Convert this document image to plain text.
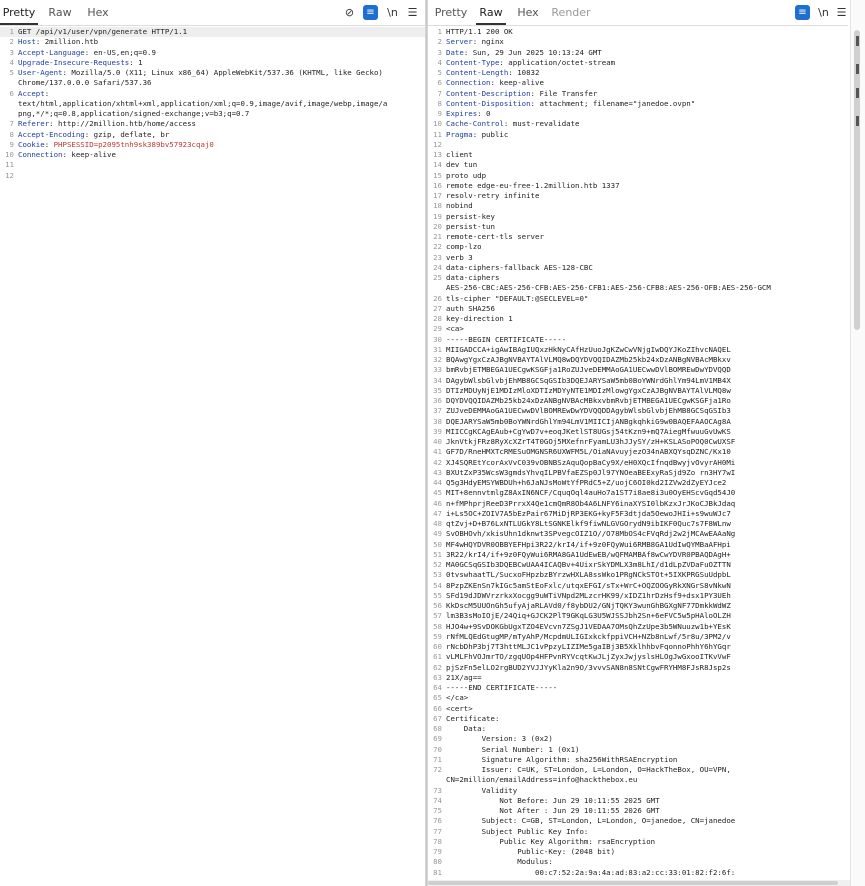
Pretty	Raw	Hex	⊘	≡	\n ☰
1 GET /api/v1/user/vpn/generate HTTP/1.1
2 Host: 2million.htb
3 Accept-Language: en-US,en;q=0.9
4 Upgrade-Insecure-Requests: 1
5 User-Agent: Mozilla/5.0 (X11; Linux x86_64) AppleWebKit/537.36 (KHTML, like Gecko)
Chrome/137.0.0.0 Safari/537.36
6 Accept:
text/html,application/xhtml+xml,application/xml;q=0.9,image/avif,image/webp,image/a
png,*/*;q=0.8,application/signed-exchange;v=b3;q=0.7
7 Referer: http://2million.htb/home/access
8 Accept-Encoding: gzip, deflate, br
9 Cookie: PHPSESSID=p2095tnh9sk389bv57923cqaj0
10 Connection: keep-alive
11
12
Pretty	Raw	Hex	Render	≡	\n ☰
1 HTTP/1.1 200 OK
2 Server: nginx
3 Date: Sun, 29 Jun 2025 10:13:24 GMT
4 Content-Type: application/octet-stream
5 Content-Length: 10832
6 Connection: keep-alive
7 Content-Description: File Transfer
8 Content-Disposition: attachment; filename="janedoe.ovpn"
9 Expires: 0
10 Cache-Control: must-revalidate
11 Pragma: public
12
13 client
14 dev tun
15 proto udp
16 remote edge-eu-free-1.2million.htb 1337
17 resolv-retry infinite
18 nobind
19 persist-key
20 persist-tun
21 remote-cert-tls server
22 comp-lzo
23 verb 3
24 data-ciphers-fallback AES-128-CBC
25 data-ciphers
AES-256-CBC:AES-256-CFB:AES-256-CFB1:AES-256-CFB8:AES-256-OFB:AES-256-GCM
26 tls-cipher "DEFAULT:@SECLEVEL=0"
27 auth SHA256
28 key-direction 1
29 <ca>
30 -----BEGIN CERTIFICATE-----
31 MIIGADCCA+igAwIBAgIUQxzHkNyCAfHzUuoJgKZwCwVNjgIwDQYJKoZIhvcNAQEL
32 BQAwgYgxCzAJBgNVBAYTAlVLMQ8wDQYDVQQIDAZMb25kb24xDzANBgNVBAcMBkxv
33 bmRvbjETMBEGA1UECgwKSGFja1RoZUJveDEMMAoGA1UECwwDVlBOMREwDwYDVQQD
34 DAgybWlsbGlvbjEhMB8GCSqGSIb3DQEJARYSaW5mb0BoYWNrdGhlYm94LmV1MB4X
35 DTIzMDUyNjE1MDIzMloXDTIzMDYyNTE1MDIzMlowgYgxCzAJBgNVBAYTAlVLMQ8w
36 DQYDVQQIDAZMb25kb24xDzANBgNVBAcMBkxvbmRvbjETMBEGA1UECgwKSGFja1Ro
37 ZUJveDEMMAoGA1UECwwDVlBOMREwDwYDVQQDDAgybWlsbGlvbjEhMB8GCSqGSIb3
38 DQEJARYSaW5mb0BoYWNrdGhlYm94LmV1MIICIjANBgkqhkiG9w0BAQEFAAOCAg8A
39 MIICCgKCAgEAub+CgYwD7v+eoqJKetlST8UGsj54tKzn9+mQ7AiegMfwuuGvUwKS
40 JknVtkjFRz8RyXcXZrT4T0GOj5MXefnrFyamLU3hJJySY/zH+KSLASoPOQ0CwUXSF
41 GF7D/RneHMXTcRMESuOMGNSR6UXWFM5L/OiaNAvuyjezO34nABXQYsqDZNC/Kx10
42 XJ4SQREtYcorAxVvC039vOBNBSzAquQopBaCy9X/eH0XQcIfnqdBwyjvOvyrAH0Mi
43 BXUtZxP35WcsW3gmdsYhvqILPBVfaEZSp0Jl97YNOeaBEExyRaSjd9Zo rn3HY7wI
44 Q5g3HdyEMSYWBDUh+h6JaNJsMoWtYfPRdC5+Z/uojC6OI0kd2IZVw2dZyEYJce2
45 MIT+8ennvtmlgZ8AxIN6NCF/CquqOql4auHo7a1ST7i8ae8i3u0OyEHScvGqd54J0
46 n+fMPhprjReeD3PrrxX4Qe1cmQmR8Ob4A6LNFY6inaXYSI0lbKzxJrJKoCJBkJdaq
47 i+Ls5OC+ZOIV7A5bEzPair67MiDjRP3EKG+kyF5F3dtjda5OewoJHIi+s9wuWJc7
48 qtZvj+D+B76LxNTLUGkY8LtSGNKElkf9fiwNLGVGOrydN9ibIKF0Quc7s7F8WLnw
49 SvOBHOvh/xkisUhn1dknwt3SPvegcOIZ1O//O78MbOS4cFVqRdj2w2jMCAwEAAaNg
50 MF4wHQYDVR0OBBYEFHpi3R22/krI4/if+9z0FQyWui6RMB8GA1UdIwQYMBaAFHpi
51 3R22/krI4/if+9z0FQyWui6RMA8GA1UdEwEB/wQFMAMBAf8wCwYDVR0PBAQDAgH+
52 MA0GCSqGSIb3DQEBCwUAA4ICAQBv+4UixrSkYDMLX3m8LhI/d1dLpZVDaFuOZTTN
53 0tvswhaatTL/SucxoFHpzbzBYrzwHXLA8ssWko1PRgNCkSTOt+5IXKPRGSuUdpbL
54 8PzpZKEnSn7kIGc5amStEoFxlc/utqxEFGI/sTx+WrC+OQZOOGyRkXNGrS8vNkwN
55 SFd19dJDWVrzrkxXocgg9uWTiVNpd2MLzcrHK99/xIDZ1hrDzHsf9+dsx1PY3UEh
56 KkDscM5UUOnGh5ufyAjaRLAVd0/f8ybDU2/GNjTQKY3wunGhBGXgNF77DmkkWdWZ
57 lm3B3sMoIOjE/24Qiq+GJCK2PlT9GKqLG3U5WJSSJbh2Sn+6eFVC5w5pHAloOLZH
58 HJO4w+9SvDOKGbUgxTZO4EVcvn7ZSgJ1VEDAA7OMsQhZzUpe3b5WNuuzw1b+YEsK
59 rNfMLQEdGtugMP/mTyAhP/McpdmULIGIxkckfppiVCH+NZb8nLwf/5r8u/3PM2/v
60 rNcbDhP3bj7T3httMLJC1vPpzyLIZIMe5gaIBj3B5XklhhbvFqonnoPhhY6hYGqr
61 vLMLFhVOJmrTO/zgqUOp4HFPvnRYVcqtKwJLjZyxJwjyslsHLOgJwGxooITKvVwF
62 pjSzFn5elLO2rgBUD2YVJJYyKla2n9O/3vvvSAN8n8SNtCgwFRYHM8FJsR8Jsp2s
63 21X/ag==
64 -----END CERTIFICATE-----
65 </ca>
66 <cert>
67 Certificate:
68 Data:
69 Version: 3 (0x2)
70 Serial Number: 1 (0x1)
71 Signature Algorithm: sha256WithRSAEncryption
72 Issuer: C=UK, ST=London, L=London, O=HackTheBox, OU=VPN,
CN=2million/emailAddress=info@hackthebox.eu
73 Validity
74 Not Before: Jun 29 10:11:55 2025 GMT
75 Not After : Jun 29 10:11:55 2026 GMT
76 Subject: C=GB, ST=London, L=London, O=janedoe, CN=janedoe
77 Subject Public Key Info:
78 Public Key Algorithm: rsaEncryption
79 Public-Key: (2048 bit)
80 Modulus:
81 00:c7:52:2a:9a:4a:ad:83:a2:cc:33:01:82:f2:6f:
